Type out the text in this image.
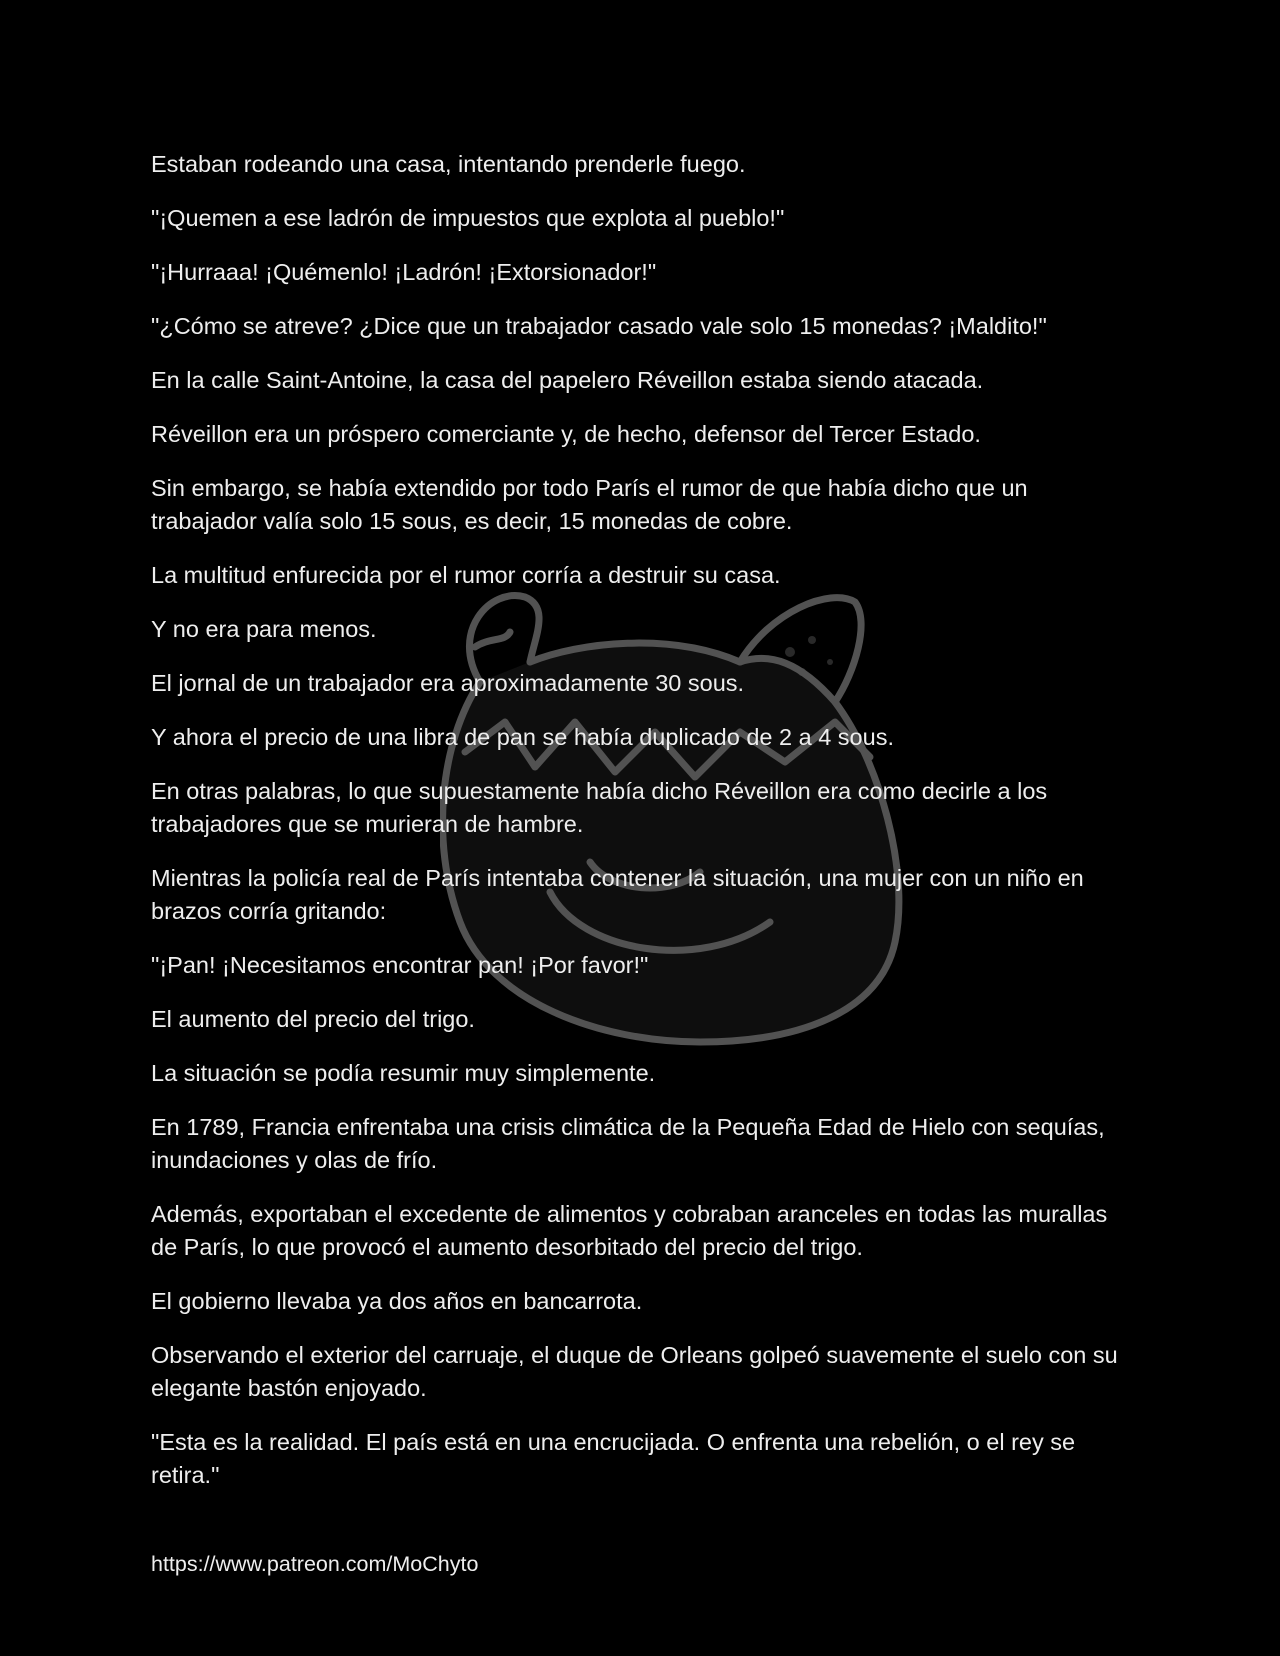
Estaban rodeando una casa, intentando prenderle fuego.

"¡Quemen a ese ladrón de impuestos que explota al pueblo!"

"¡Hurraaa! ¡Quémenlo! ¡Ladrón! ¡Extorsionador!"

"¿Cómo se atreve? ¿Dice que un trabajador casado vale solo 15 monedas? ¡Maldito!"

En la calle Saint-Antoine, la casa del papelero Réveillon estaba siendo atacada.

Réveillon era un próspero comerciante y, de hecho, defensor del Tercer Estado.

Sin embargo, se había extendido por todo París el rumor de que había dicho que un trabajador valía solo 15 sous, es decir, 15 monedas de cobre.

La multitud enfurecida por el rumor corría a destruir su casa.

Y no era para menos.

El jornal de un trabajador era aproximadamente 30 sous.

Y ahora el precio de una libra de pan se había duplicado de 2 a 4 sous.

En otras palabras, lo que supuestamente había dicho Réveillon era como decirle a los trabajadores que se murieran de hambre.

Mientras la policía real de París intentaba contener la situación, una mujer con un niño en brazos corría gritando:

"¡Pan! ¡Necesitamos encontrar pan! ¡Por favor!"

El aumento del precio del trigo.

La situación se podía resumir muy simplemente.

En 1789, Francia enfrentaba una crisis climática de la Pequeña Edad de Hielo con sequías, inundaciones y olas de frío.

Además, exportaban el excedente de alimentos y cobraban aranceles en todas las murallas de París, lo que provocó el aumento desorbitado del precio del trigo.

El gobierno llevaba ya dos años en bancarrota.

Observando el exterior del carruaje, el duque de Orleans golpeó suavemente el suelo con su elegante bastón enjoyado.

"Esta es la realidad. El país está en una encrucijada. O enfrenta una rebelión, o el rey se retira."

https://www.patreon.com/MoChyto
